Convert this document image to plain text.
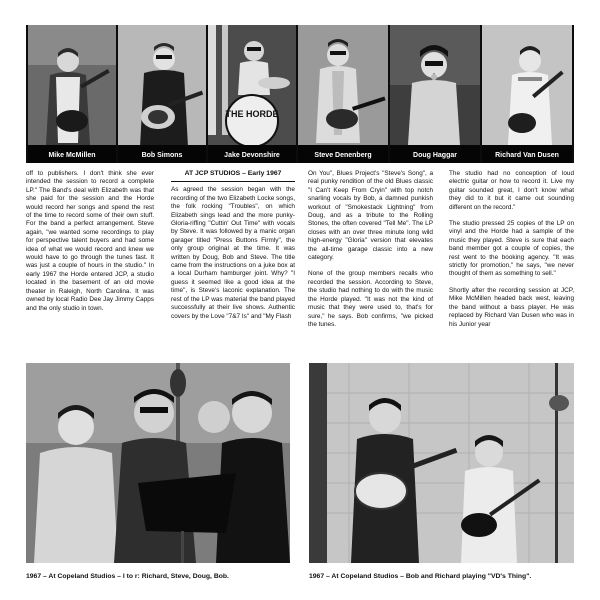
Mike McMillen	Bob Simons
THE HORDE
Jake Devonshire	Steve Denenberg	Doug Haggar	Richard Van Dusen

off to publishers. I don't think she ever intended the session to record a complete LP." The Band's deal with Elizabeth was that she paid for the session and the Horde would record her songs and spend the rest of the time to record some of their own stuff. For the band a perfect arrangement. Steve again, "we wanted some recordings to play for perspective talent buyers and had some idea of what we would record and knew we would have to go through the tunes fast. It was just a couple of hours in the studio." In early 1967 the Horde entered JCP, a studio located in the basement of an old movie theater in Raleigh, North Carolina. It was owned by local Radio Dee Jay Jimmy Capps and the only studio in town.

AT JCP STUDIOS – Early 1967

As agreed the session began with the recording of the two Elizabeth Locke songs, the folk rocking "Troubles", on which Elizabeth sings lead and the more punky-Gloria-riffing "Cuttin' Out Time" with vocals by Steve. It was followed by a manic organ garager titled "Press Buttons Firmly", the only group original at the time. It was written by Doug, Bob and Steve. The title came from the instructions on a juke box at a local Durham hamburger joint. Why? "I guess it seemed like a good idea at the time", is Steve's laconic explanation. The rest of the LP was material the band played successfully at their live shows. Authentic covers by the Love "7&7 Is" and "My Flash

On You", Blues Project's "Steve's Song", a real punky rendition of the old Blues classic "I Can't Keep From Cryin" with top notch snarling vocals by Bob, a damned punkish workout of "Smokestack Lightning" from Doug, and as a tribute to the Rolling Stones, the often covered "Tell Me". The LP closes with an over three minute long wild high-energy "Gloria" version that elevates the all-time garage classic into a new category.

None of the group members recalls who recorded the session. According to Steve, the studio had nothing to do with the music the Horde played. "It was not the kind of music that they were used to, that's for sure," he says. Bob confirms, "we picked the tunes.

The studio had no conception of loud electric guitar or how to record it. Live my guitar sounded great, I don't know what they did to it but it came out sounding different on the record."

The studio pressed 25 copies of the LP on vinyl and the Horde had a sample of the music they played. Steve is sure that each band member got a couple of copies, the rest went to the booking agency. "It was strictly for promotion," he says, "we never thought of them as something to sell."

Shortly after the recording session at JCP, Mike McMillen headed back west, leaving the band without a bass player. He was replaced by Richard Van Dusen who was in his Junior year

1967 – At Copeland Studios – l to r: Richard, Steve, Doug, Bob.	1967 – At Copeland Studios – Bob and Richard playing "VD's Thing".
